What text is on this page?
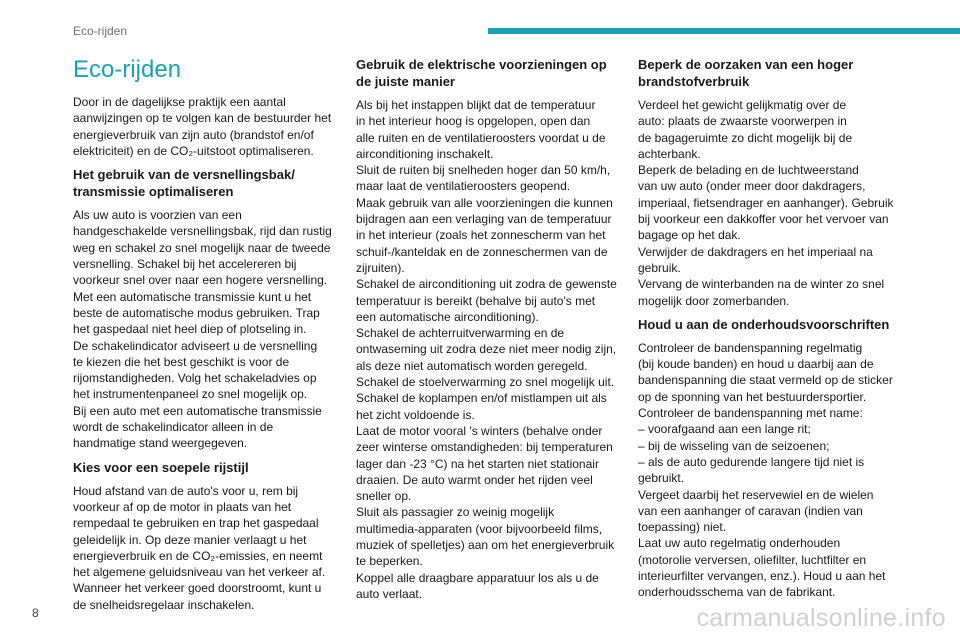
Eco-rijden
Eco-rijden

Door in de dagelijkse praktijk een aantal
aanwijzingen op te volgen kan de bestuurder het
energieverbruik van zijn auto (brandstof en/of
elektriciteit) en de CO₂-uitstoot optimaliseren.

Het gebruik van de versnellingsbak/
transmissie optimaliseren

Als uw auto is voorzien van een
handgeschakelde versnellingsbak, rijd dan rustig
weg en schakel zo snel mogelijk naar de tweede
versnelling. Schakel bij het accelereren bij
voorkeur snel over naar een hogere versnelling.
Met een automatische transmissie kunt u het
beste de automatische modus gebruiken. Trap
het gaspedaal niet heel diep of plotseling in.
De schakelindicator adviseert u de versnelling
te kiezen die het best geschikt is voor de
rijomstandigheden. Volg het schakeladvies op
het instrumentenpaneel zo snel mogelijk op.
Bij een auto met een automatische transmissie
wordt de schakelindicator alleen in de
handmatige stand weergegeven.

Kies voor een soepele rijstijl

Houd afstand van de auto's voor u, rem bij
voorkeur af op de motor in plaats van het
rempedaal te gebruiken en trap het gaspedaal
geleidelijk in. Op deze manier verlaagt u het
energieverbruik en de CO₂-emissies, en neemt
het algemene geluidsniveau van het verkeer af.
Wanneer het verkeer goed doorstroomt, kunt u
de snelheidsregelaar inschakelen.

Gebruik de elektrische voorzieningen op
de juiste manier

Als bij het instappen blijkt dat de temperatuur
in het interieur hoog is opgelopen, open dan
alle ruiten en de ventilatieroosters voordat u de
airconditioning inschakelt.
Sluit de ruiten bij snelheden hoger dan 50 km/h,
maar laat de ventilatieroosters geopend.
Maak gebruik van alle voorzieningen die kunnen
bijdragen aan een verlaging van de temperatuur
in het interieur (zoals het zonnescherm van het
schuif-/kanteldak en de zonneschermen van de
zijruiten).
Schakel de airconditioning uit zodra de gewenste
temperatuur is bereikt (behalve bij auto's met
een automatische airconditioning).
Schakel de achterruitverwarming en de
ontwaseming uit zodra deze niet meer nodig zijn,
als deze niet automatisch worden geregeld.
Schakel de stoelverwarming zo snel mogelijk uit.
Schakel de koplampen en/of mistlampen uit als
het zicht voldoende is.
Laat de motor vooral 's winters (behalve onder
zeer winterse omstandigheden: bij temperaturen
lager dan -23 °C) na het starten niet stationair
draaien. De auto warmt onder het rijden veel
sneller op.
Sluit als passagier zo weinig mogelijk
multimedia-apparaten (voor bijvoorbeeld films,
muziek of spelletjes) aan om het energieverbruik
te beperken.
Koppel alle draagbare apparatuur los als u de
auto verlaat.

Beperk de oorzaken van een hoger
brandstofverbruik

Verdeel het gewicht gelijkmatig over de
auto: plaats de zwaarste voorwerpen in
de bagageruimte zo dicht mogelijk bij de
achterbank.
Beperk de belading en de luchtweerstand
van uw auto (onder meer door dakdragers,
imperiaal, fietsendrager en aanhanger). Gebruik
bij voorkeur een dakkoffer voor het vervoer van
bagage op het dak.
Verwijder de dakdragers en het imperiaal na
gebruik.
Vervang de winterbanden na de winter zo snel
mogelijk door zomerbanden.

Houd u aan de onderhoudsvoorschriften

Controleer de bandenspanning regelmatig
(bij koude banden) en houd u daarbij aan de
bandenspanning die staat vermeld op de sticker
op de sponning van het bestuurdersportier.
Controleer de bandenspanning met name:
– voorafgaand aan een lange rit;
– bij de wisseling van de seizoenen;
– als de auto gedurende langere tijd niet is
gebruikt.
Vergeet daarbij het reservewiel en de wielen
van een aanhanger of caravan (indien van
toepassing) niet.
Laat uw auto regelmatig onderhouden
(motorolie verversen, oliefilter, luchtfilter en
interieurfilter vervangen, enz.). Houd u aan het
onderhoudsschema van de fabrikant.

8	carmanualsonline.info
